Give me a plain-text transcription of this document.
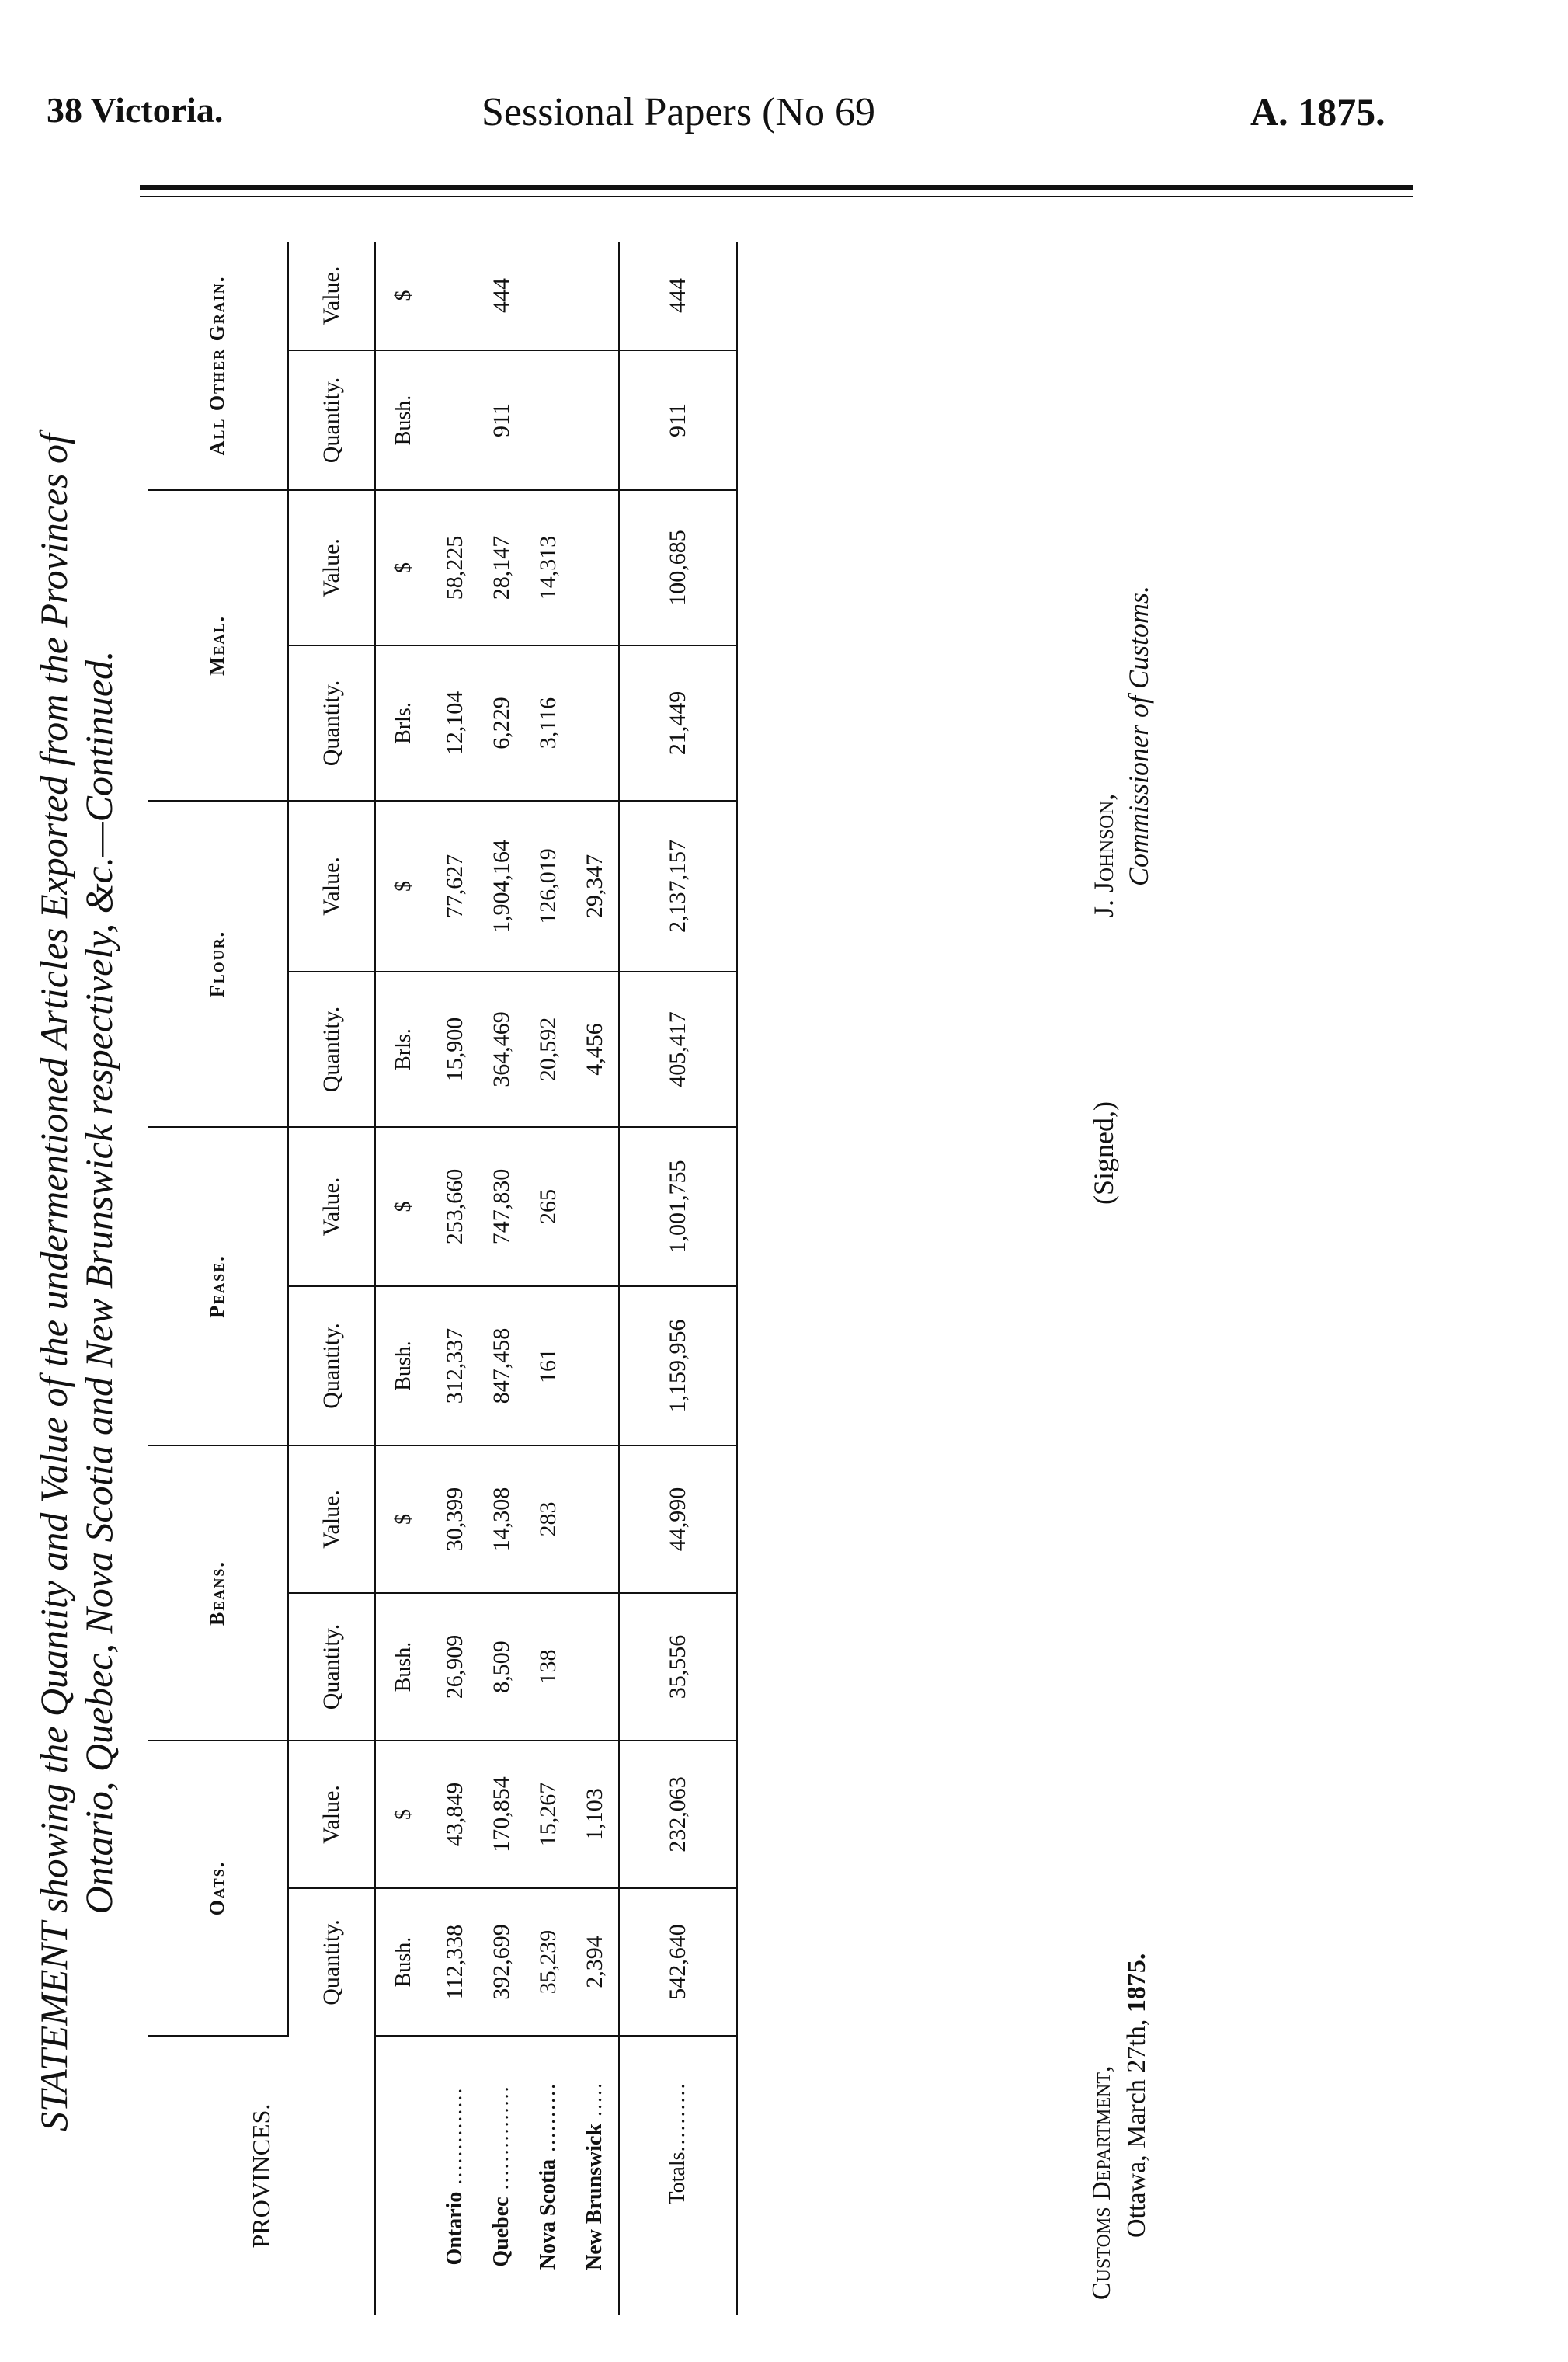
38 Victoria.	Sessional Papers (No 69	A. 1875.
STATEMENT showing the Quantity and Value of the undermentioned Articles Exported from the Provinces of Ontario, Quebec, Nova Scotia and New Brunswick respectively, &c.—Continued.
PROVINCES.	Oats.		Beans.		Pease.		Flour.		Meal.		All Other Grain.	
	Quantity.	Value.	Quantity.	Value.	Quantity.	Value.	Quantity.	Value.	Quantity.	Value.	Quantity.	Value.
	Bush.	$	Bush.	$	Bush.	$	Brls.	$	Brls.	$	Bush.	$
Ontario ..............	112,338	43,849	26,909	30,399	312,337	253,660	15,900	77,627	12,104	58,225		
Quebec ...............	392,699	170,854	8,509	14,308	847,458	747,830	364,469	1,904,164	6,229	28,147	911	444
Nova Scotia ..........	35,239	15,267	138	283	161	265	20,592	126,019	3,116	14,313		
New Brunswick .....	2,394	1,103					4,456	29,347				
Totals..........	542,640	232,063	35,556	44,990	1,159,956	1,001,755	405,417	2,137,157	21,449	100,685	911	444
Customs Department, Ottawa, March 27th, 1875.
(Signed,)
J. Johnson, Commissioner of Customs.
